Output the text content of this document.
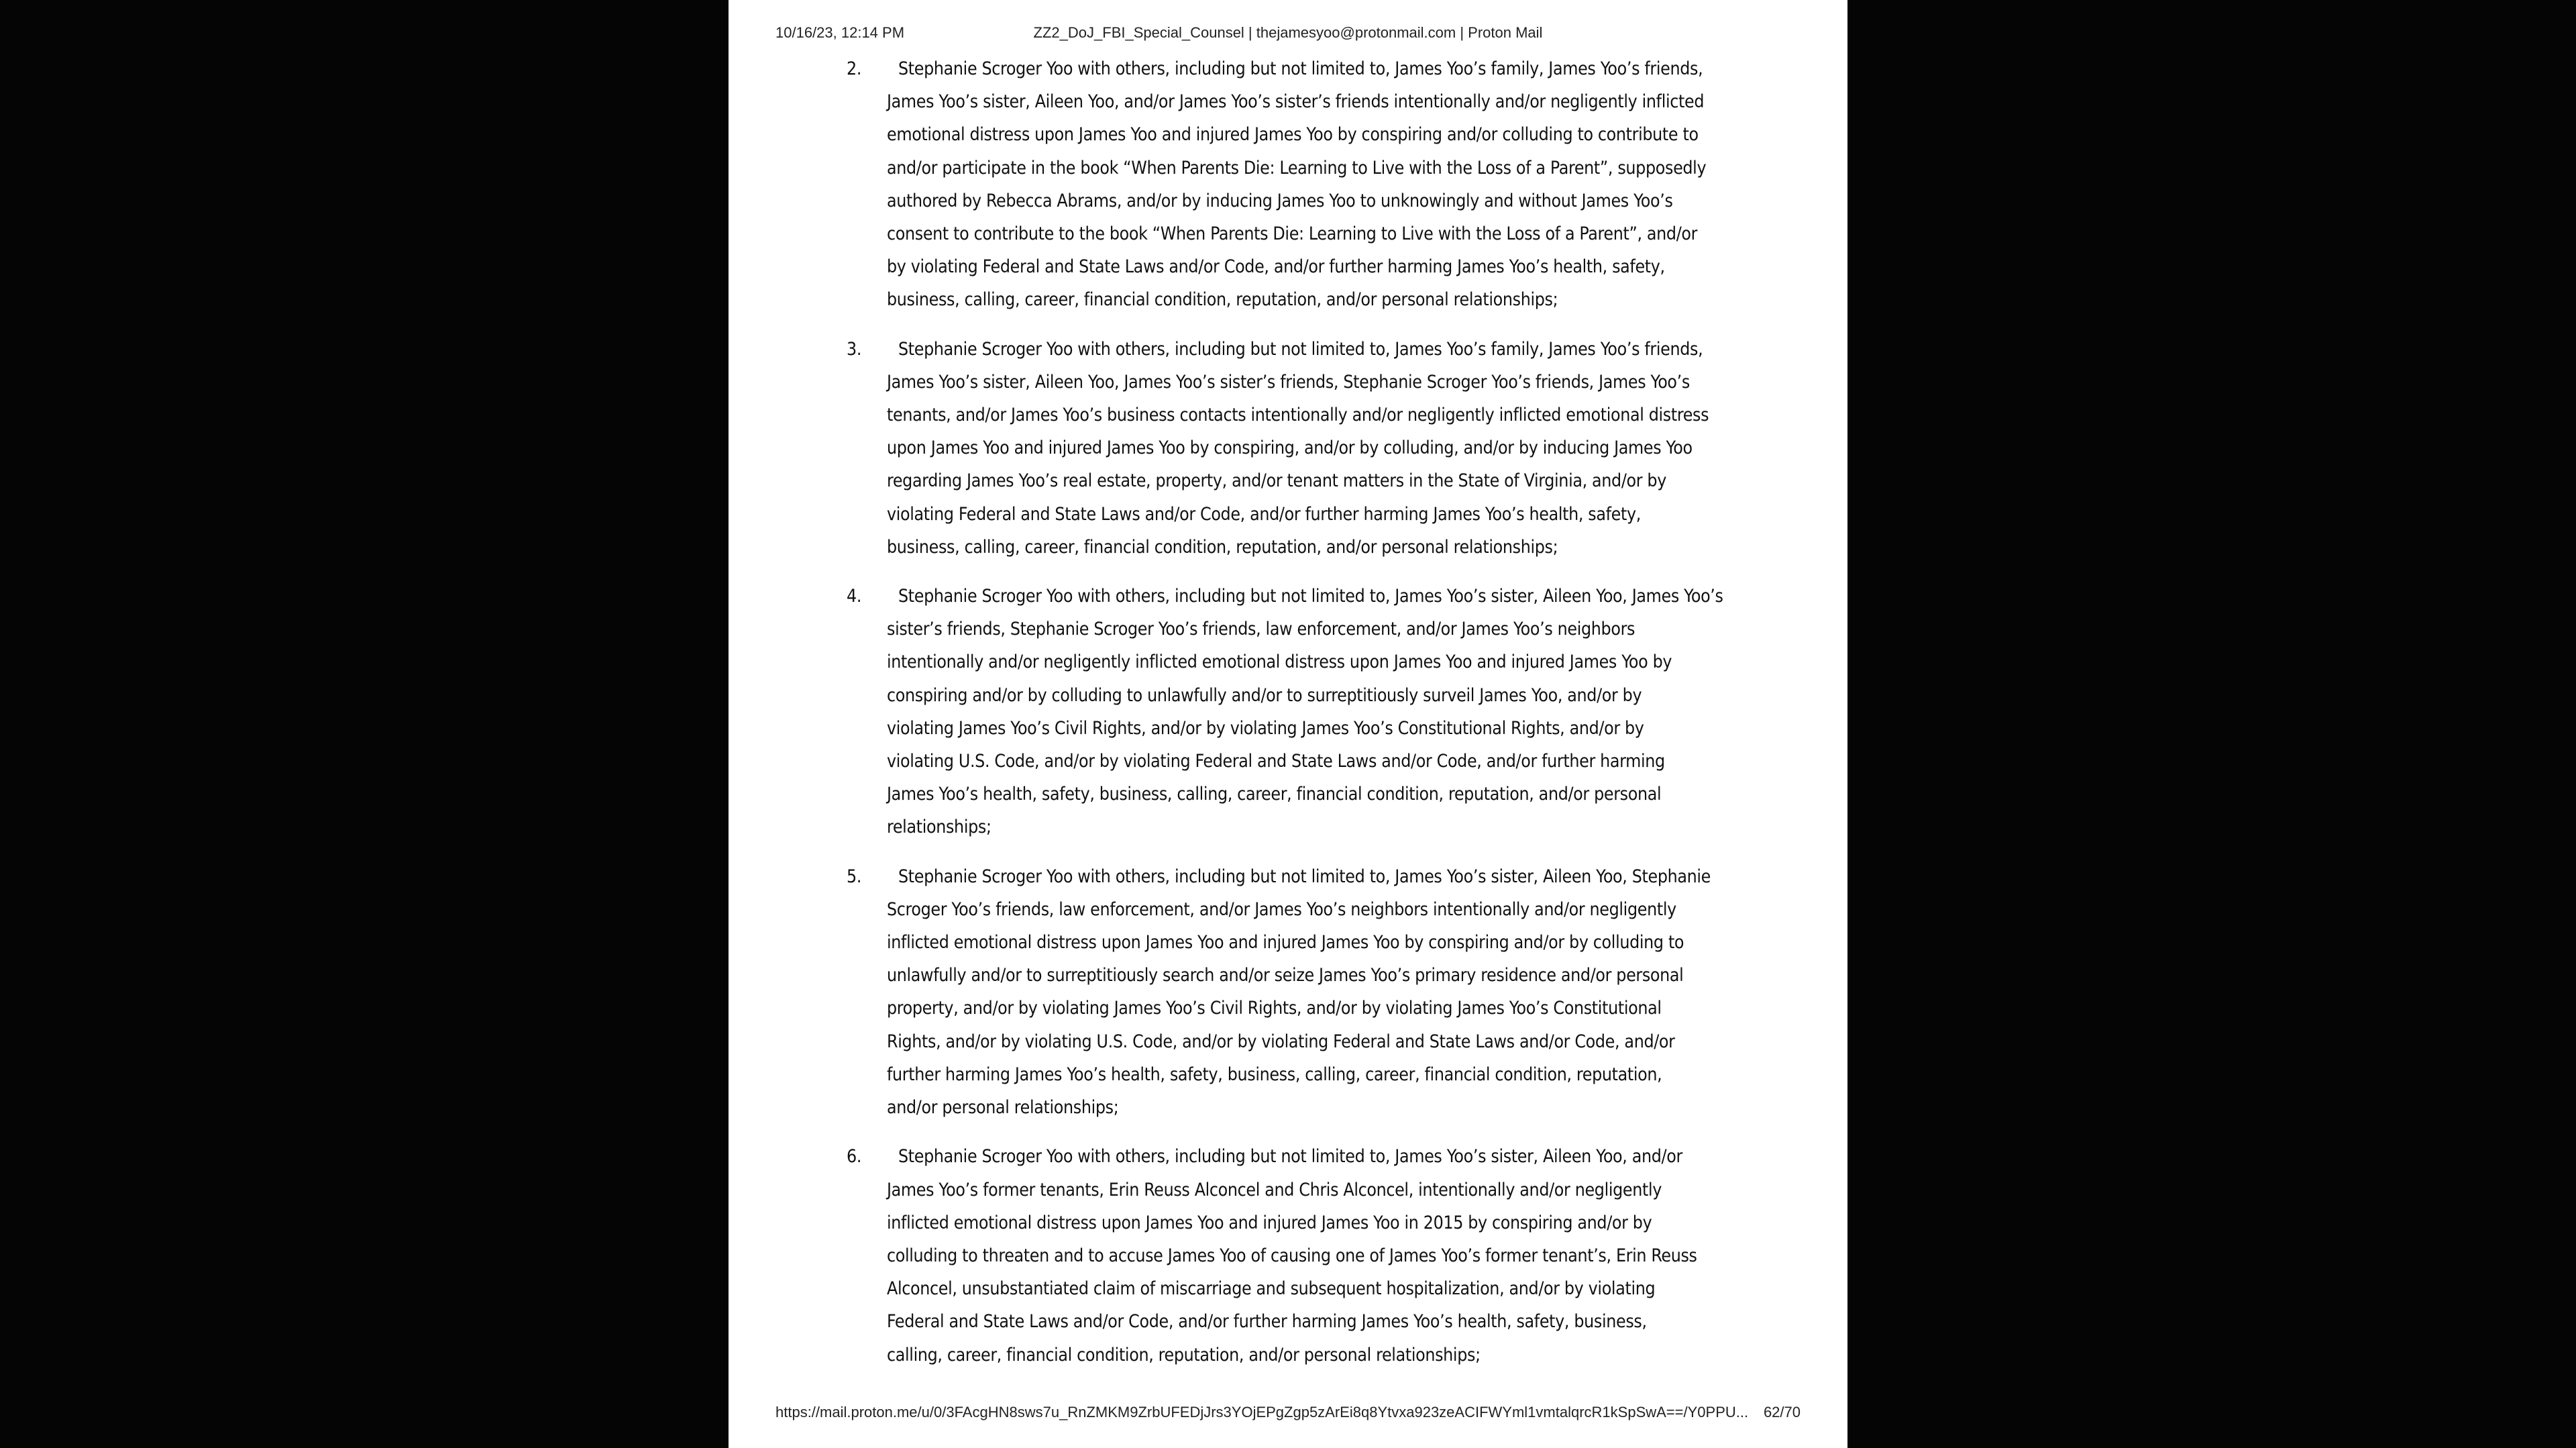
10/16/23, 12:14 PM	ZZ2_DoJ_FBI_Special_Counsel | thejamesyoo@protonmail.com | Proton Mail
2.	Stephanie Scroger Yoo with others, including but not limited to, James Yoo’s family, James Yoo’s friends,
James Yoo’s sister, Aileen Yoo, and/or James Yoo’s sister’s friends intentionally and/or negligently inflicted
emotional distress upon James Yoo and injured James Yoo by conspiring and/or colluding to contribute to
and/or participate in the book “When Parents Die: Learning to Live with the Loss of a Parent”, supposedly
authored by Rebecca Abrams, and/or by inducing James Yoo to unknowingly and without James Yoo’s
consent to contribute to the book “When Parents Die: Learning to Live with the Loss of a Parent”, and/or
by violating Federal and State Laws and/or Code, and/or further harming James Yoo’s health, safety,
business, calling, career, financial condition, reputation, and/or personal relationships;
3.	Stephanie Scroger Yoo with others, including but not limited to, James Yoo’s family, James Yoo’s friends,
James Yoo’s sister, Aileen Yoo, James Yoo’s sister’s friends, Stephanie Scroger Yoo’s friends, James Yoo’s
tenants, and/or James Yoo’s business contacts intentionally and/or negligently inflicted emotional distress
upon James Yoo and injured James Yoo by conspiring, and/or by colluding, and/or by inducing James Yoo
regarding James Yoo’s real estate, property, and/or tenant matters in the State of Virginia, and/or by
violating Federal and State Laws and/or Code, and/or further harming James Yoo’s health, safety,
business, calling, career, financial condition, reputation, and/or personal relationships;
4.	Stephanie Scroger Yoo with others, including but not limited to, James Yoo’s sister, Aileen Yoo, James Yoo’s
sister’s friends, Stephanie Scroger Yoo’s friends, law enforcement, and/or James Yoo’s neighbors
intentionally and/or negligently inflicted emotional distress upon James Yoo and injured James Yoo by
conspiring and/or by colluding to unlawfully and/or to surreptitiously surveil James Yoo, and/or by
violating James Yoo’s Civil Rights, and/or by violating James Yoo’s Constitutional Rights, and/or by
violating U.S. Code, and/or by violating Federal and State Laws and/or Code, and/or further harming
James Yoo’s health, safety, business, calling, career, financial condition, reputation, and/or personal
relationships;
5.	Stephanie Scroger Yoo with others, including but not limited to, James Yoo’s sister, Aileen Yoo, Stephanie
Scroger Yoo’s friends, law enforcement, and/or James Yoo’s neighbors intentionally and/or negligently
inflicted emotional distress upon James Yoo and injured James Yoo by conspiring and/or by colluding to
unlawfully and/or to surreptitiously search and/or seize James Yoo’s primary residence and/or personal
property, and/or by violating James Yoo’s Civil Rights, and/or by violating James Yoo’s Constitutional
Rights, and/or by violating U.S. Code, and/or by violating Federal and State Laws and/or Code, and/or
further harming James Yoo’s health, safety, business, calling, career, financial condition, reputation,
and/or personal relationships;
6.	Stephanie Scroger Yoo with others, including but not limited to, James Yoo’s sister, Aileen Yoo, and/or
James Yoo’s former tenants, Erin Reuss Alconcel and Chris Alconcel, intentionally and/or negligently
inflicted emotional distress upon James Yoo and injured James Yoo in 2015 by conspiring and/or by
colluding to threaten and to accuse James Yoo of causing one of James Yoo’s former tenant’s, Erin Reuss
Alconcel, unsubstantiated claim of miscarriage and subsequent hospitalization, and/or by violating
Federal and State Laws and/or Code, and/or further harming James Yoo’s health, safety, business,
calling, career, financial condition, reputation, and/or personal relationships;
https://mail.proton.me/u/0/3FAcgHN8sws7u_RnZMKM9ZrbUFEDjJrs3YOjEPgZgp5zArEi8q8Ytvxa923zeACIFWYml1vmtalqrcR1kSpSwA==/Y0PPU... 62/70
